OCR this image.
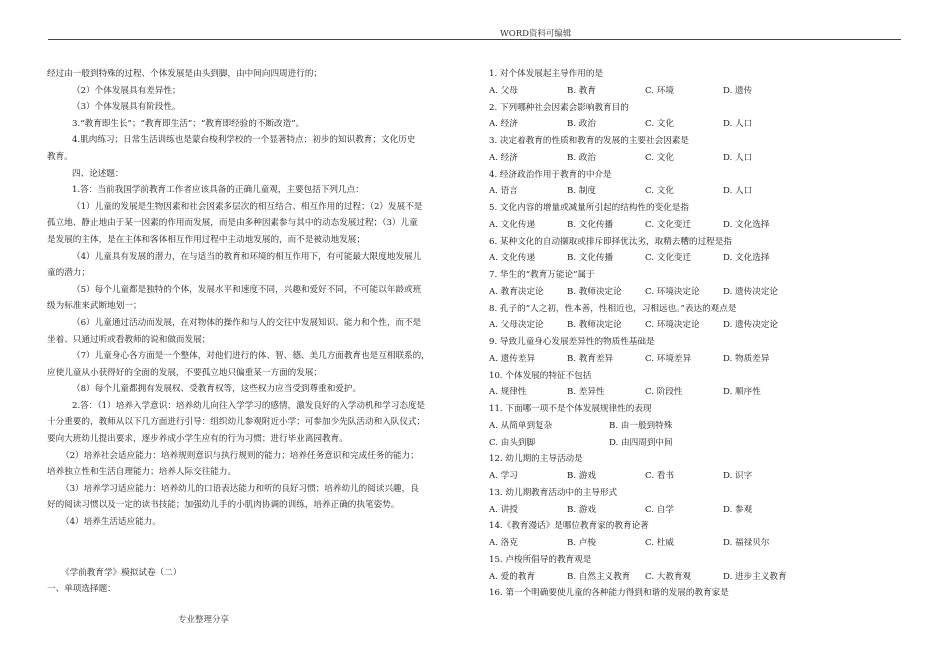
WORD资料可编辑
经过由一般到特殊的过程、个体发展是由头到脚，由中间向四周进行的；
（2）个体发展具有差异性；
（3）个体发展具有阶段性。
3.“教育即生长”；“教育即生活”；“教育即经验的不断改造”。
4.肌肉练习；日常生活训练也是蒙台梭利学校的一个显著特点；初步的知识教育；文化历史
教育。
四、论述题：
1.答：当前我国学前教育工作者应该具备的正确儿童观，主要包括下列几点：
（1）儿童的发展是生物因素和社会因素多层次的相互结合、相互作用的过程；（2）发展不是
孤立地、静止地由于某一因素的作用而发展，而是由多种因素参与其中的动态发展过程；（3）儿童
是发展的主体，是在主体和客体相互作用过程中主动地发展的，而不是被动地发展；
（4）儿童具有发展的潜力，在与适当的教育和环境的相互作用下，有可能最大限度地发展儿
童的潜力；
（5）每个儿童都是独特的个体，发展水平和速度不同，兴趣和爱好不同，不可能以年龄或班
级为标准来武断地划一；
（6）儿童通过活动而发展，在对物体的操作和与人的交往中发展知识、能力和个性，而不是
坐着、只通过听或看教师的说和做而发展；
（7）儿童身心各方面是一个整体，对他们进行的体、智、德、美几方面教育也是互相联系的，
应使儿童从小获得好的全面的发展，不要孤立地只偏重某一方面的发展；
（8）每个儿童都拥有发展权、受教育权等，这些权力应当受到尊重和爱护。
2.答：（1）培养入学意识：培养幼儿向往入学学习的感情，激发良好的入学动机和学习态度是
十分重要的，教师从以下几方面进行引导：组织幼儿参观附近小学；可参加少先队活动和入队仪式；
要向大班幼儿提出要求，逐步养成小学生应有的行为习惯；进行毕业离园教育。
（2）培养社会适应能力：培养规则意识与执行规则的能力；培养任务意识和完成任务的能力；
培养独立性和生活自理能力；培养人际交往能力。
（3）培养学习适应能力：培养幼儿的口语表达能力和听的良好习惯；培养幼儿的阅读兴趣，良
好的阅读习惯以及一定的读书技能；加强幼儿手的小肌肉协调的训练，培养正确的执笔姿势。
（4）培养生活适应能力。
《学前教育学》模拟试卷（二）
一、单项选择题：
1. 对个体发展起主导作用的是
A. 父母	B. 教育	C. 环境	D. 遗传
2. 下列哪种社会因素会影响教育目的
A. 经济	B. 政治	C. 文化	D. 人口
3. 决定着教育的性质和教育的发展的主要社会因素是
A. 经济	B. 政治	C. 文化	D. 人口
4. 经济政治作用于教育的中介是
A. 语言	B. 制度	C. 文化	D. 人口
5. 文化内容的增量或减量所引起的结构性的变化是指
A. 文化传递	B. 文化传播	C. 文化变迁	D. 文化选择
6. 某种文化的自动撷取或排斥即择优汰劣，取精去糟的过程是指
A. 文化传递	B. 文化传播	C. 文化变迁	D. 文化选择
7. 华生的“教育万能论”属于
A. 教育决定论	B. 教师决定论	C. 环境决定论	D. 遗传决定论
8. 孔子的“人之初，性本善，性相近也，习相远也。”表达的观点是
A. 父母决定论	B. 教师决定论	C. 环境决定论	D. 遗传决定论
9. 导致儿童身心发展差异性的物质性基础是
A. 遗传差异	B. 教育差异	C. 环境差异	D. 物质差异
10. 个体发展的特征不包括
A. 规律性	B. 差异性	C. 阶段性	D. 顺序性
11. 下面哪一项不是个体发展规律性的表现
A. 从简单到复杂	B. 由一般到特殊
C. 由头到脚	D. 由四周到中间
12. 幼儿期的主导活动是
A. 学习	B. 游戏	C. 看书	D. 识字
13. 幼儿期教育活动中的主导形式
A. 讲授	B. 游戏	C. 自学	D. 参观
14.《教育漫话》是哪位教育家的教育论著
A. 洛克	B. 卢梭	C. 杜威	D. 福禄贝尔
15. 卢梭所倡导的教育观是
A. 爱的教育	B. 自然主义教育 C. 大教育观	D. 进步主义教育
16. 第一个明确要使儿童的各种能力得到和谐的发展的教育家是
专业整理分享
